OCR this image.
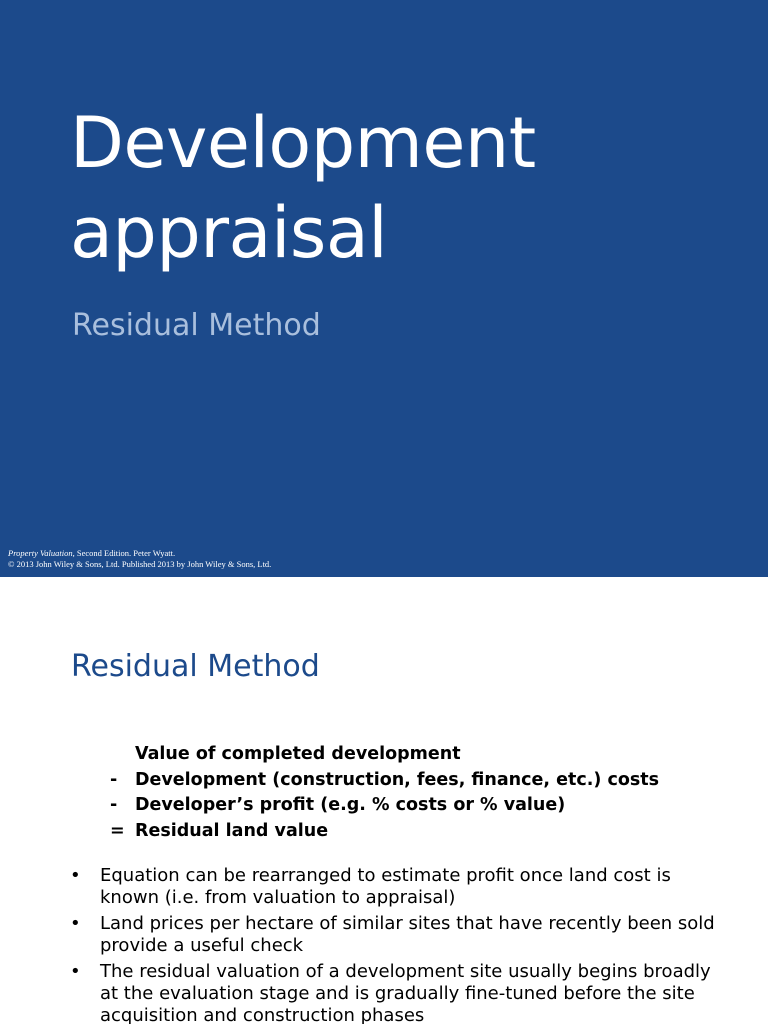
Development
appraisal

Residual Method

Property Valuation, Second Edition. Peter Wyatt.
© 2013 John Wiley & Sons, Ltd. Published 2013 by John Wiley & Sons, Ltd.
Residual Method
Value of completed development
- Development (construction, fees, finance, etc.) costs
- Developer’s profit (e.g. % costs or % value)
= Residual land value
• Equation can be rearranged to estimate profit once land cost is known (i.e. from valuation to appraisal)
• Land prices per hectare of similar sites that have recently been sold provide a useful check
• The residual valuation of a development site usually begins broadly at the evaluation stage and is gradually fine-tuned before the site acquisition and construction phases
